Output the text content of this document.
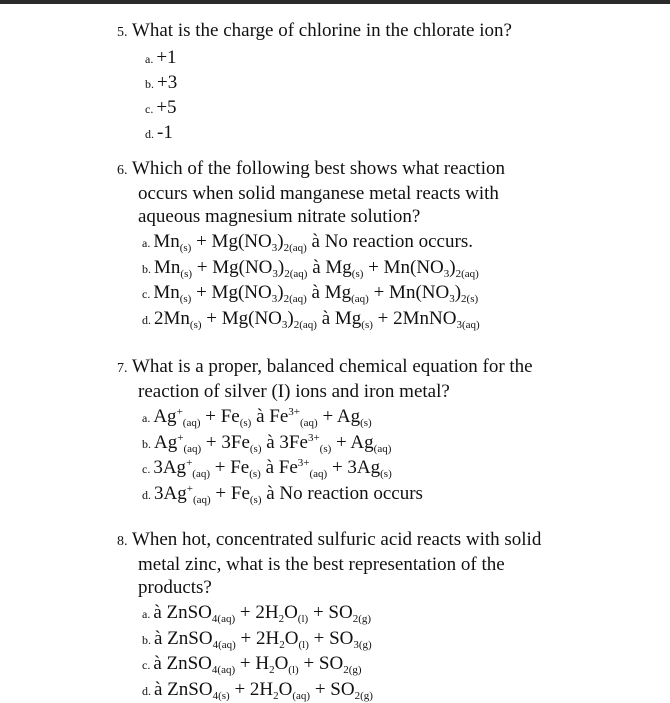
5. What is the charge of chlorine in the chlorate ion?
a. +1
b. +3
c. +5
d. -1
6. Which of the following best shows what reaction
occurs when solid manganese metal reacts with
aqueous magnesium nitrate solution?
a. $Mn_{(s)} + Mg(NO_3)_{2(aq)}$ à No reaction occurs.
b. $Mn_{(s)} + Mg(NO_3)_{2(aq)}$ à $Mg_{(s)} + Mn(NO_3)_{2(aq)}$
c. $Mn_{(s)} + Mg(NO_3)_{2(aq)}$ à $Mg_{(aq)} + Mn(NO_3)_{2(s)}$
d. $2Mn_{(s)} + Mg(NO_3)_{2(aq)}$ à $Mg_{(s)}$ + 2MnNO$_{3(aq)}$
7. What is a proper, balanced chemical equation for the
reaction of silver (I) ions and iron metal?
a. $Ag^+_{(aq)} + Fe_{(s)}$ à $Fe^{3+}_{(aq)} + Ag_{(s)}$
b. $Ag^+_{(aq)} + 3Fe_{(s)}$ à $3Fe^{3+}_{(s)} + Ag_{(aq)}$
c. $3Ag^+_{(aq)} + Fe_{(s)}$ à $Fe^{3+}_{(aq)} + 3Ag_{(s)}$
d. $3Ag^+_{(aq)} + Fe_{(s)}$ à No reaction occurs
8. When hot, concentrated sulfuric acid reacts with solid
metal zinc, what is the best representation of the
products?
a. à ZnSO$_{4(aq)}$ + $2H_2O_{(l)} + SO_{2(g)}$
b. à ZnSO$_{4(aq)}$ + $2H_2O_{(l)} + SO_{3(g)}$
c. à ZnSO$_{4(aq)}$ + $H_2O_{(l)} + SO_{2(g)}$
d. à ZnSO$_{4(s)}$ + $2H_2O_{(aq)} + SO_{2(g)}$
